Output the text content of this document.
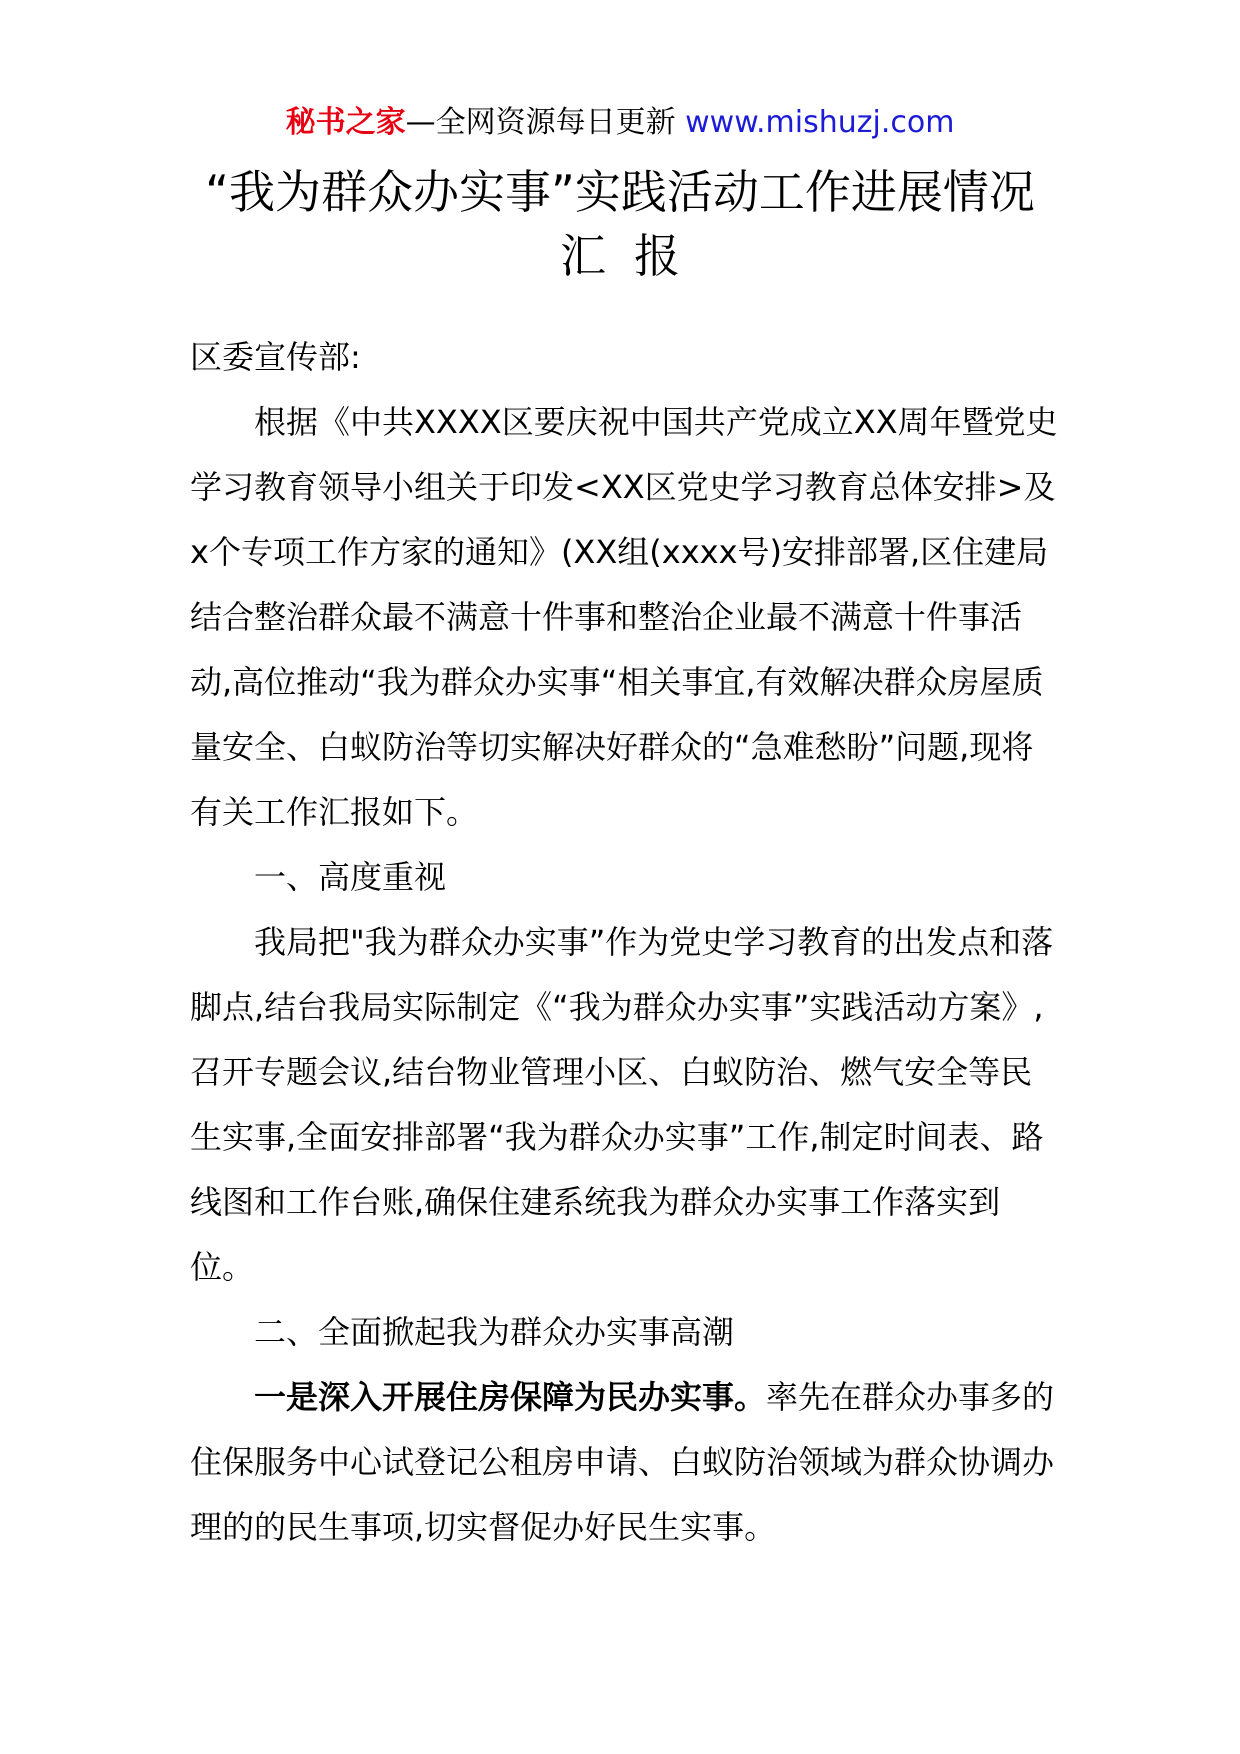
秘书之家—全网资源每日更新 www.mishuzj.com
“我为群众办实事”实践活动工作进展情况
汇报

区委宣传部:

根据《中共XXXX区要庆祝中国共产党成立XX周年暨党史学习教育领导小组关于印发<XX区党史学习教育总体安排>及x个专项工作方家的通知》(XX组(xxxx号)安排部署,区住建局结合整治群众最不满意十件事和整治企业最不满意十件事活动,高位推动“我为群众办实事“相关事宜,有效解决群众房屋质量安全、白蚁防治等切实解决好群众的“急难愁盼”问题,现将有关工作汇报如下。

一、高度重视

我局把"我为群众办实事”作为党史学习教育的出发点和落脚点,结台我局实际制定《“我为群众办实事”实践活动方案》,召开专题会议,结台物业管理小区、白蚁防治、燃气安全等民生实事,全面安排部署“我为群众办实事”工作,制定时间表、路线图和工作台账,确保住建系统我为群众办实事工作落实到位。

二、全面掀起我为群众办实事高潮

一是深入开展住房保障为民办实事。率先在群众办事多的住保服务中心试登记公租房申请、白蚁防治领域为群众协调办理的的民生事项,切实督促办好民生实事。
